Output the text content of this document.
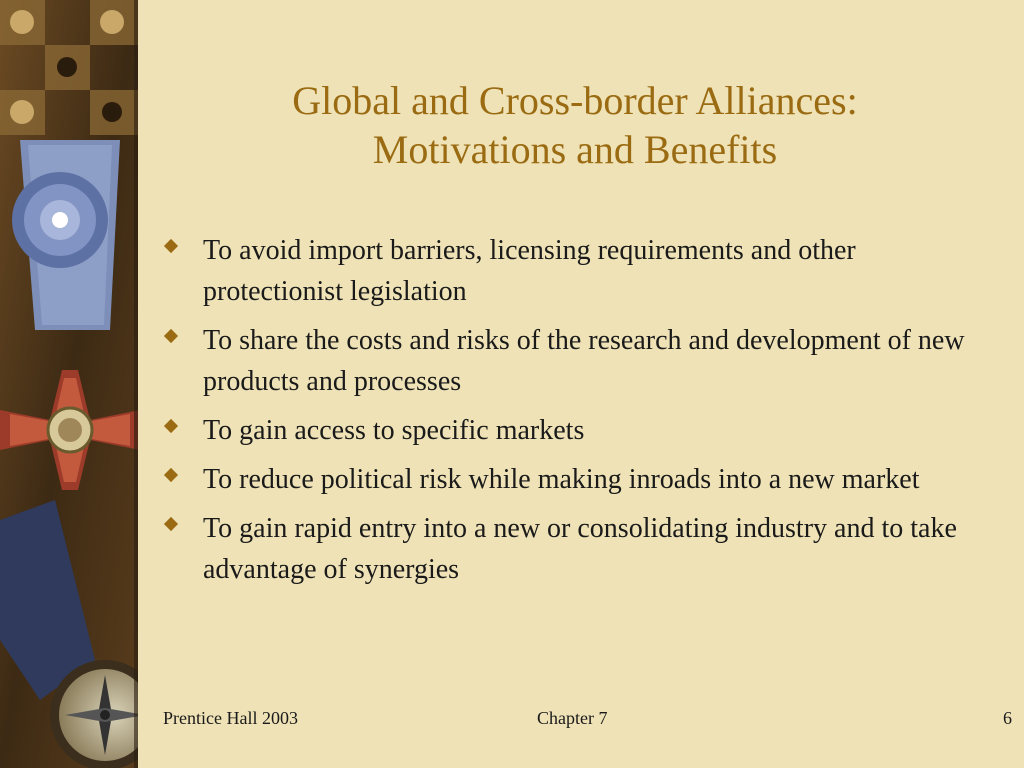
Global and Cross-border Alliances:
Motivations and Benefits
To avoid import barriers, licensing requirements and other protectionist legislation
To share the costs and risks of the research and development of new products and processes
To gain access to specific markets
To reduce political risk while making inroads into a new market
To gain rapid entry into a new or consolidating industry and to take advantage of synergies
Prentice Hall 2003	Chapter 7	6
